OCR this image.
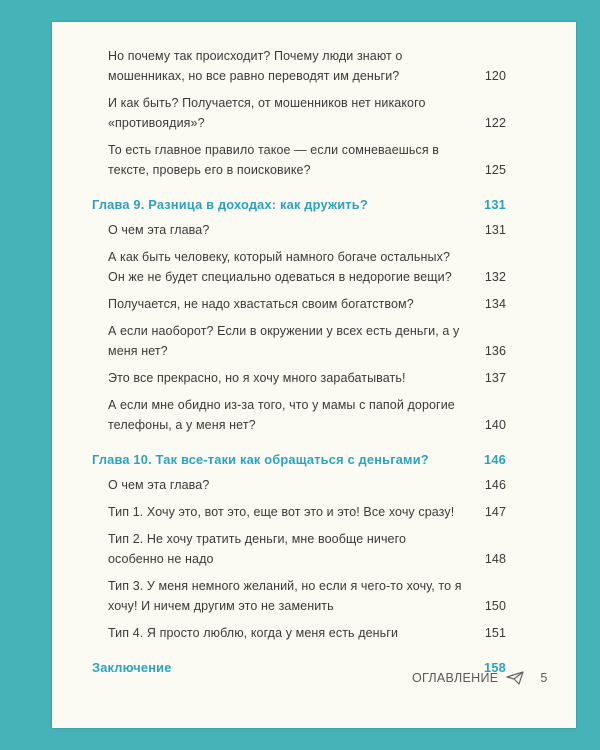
Но почему так происходит? Почему люди знают о мошенниках, но все равно переводят им деньги?	120
И как быть? Получается, от мошенников нет никакого «противоядия»?	122
То есть главное правило такое — если сомневаешься в тексте, проверь его в поисковике?	125
Глава 9. Разница в доходах: как дружить?	131
О чем эта глава?	131
А как быть человеку, который намного богаче остальных? Он же не будет специально одеваться в недорогие вещи?	132
Получается, не надо хвастаться своим богатством?	134
А если наоборот? Если в окружении у всех есть деньги, а у меня нет?	136
Это все прекрасно, но я хочу много зарабатывать!	137
А если мне обидно из-за того, что у мамы с папой дорогие телефоны, а у меня нет?	140
Глава 10. Так все-таки как обращаться с деньгами?	146
О чем эта глава?	146
Тип 1. Хочу это, вот это, еще вот это и это! Все хочу сразу!	147
Тип 2. Не хочу тратить деньги, мне вообще ничего особенно не надо	148
Тип 3. У меня немного желаний, но если я чего-то хочу, то я хочу! И ничем другим это не заменить	150
Тип 4. Я просто люблю, когда у меня есть деньги	151
Заключение	158
ОГЛАВЛЕНИЕ	5
